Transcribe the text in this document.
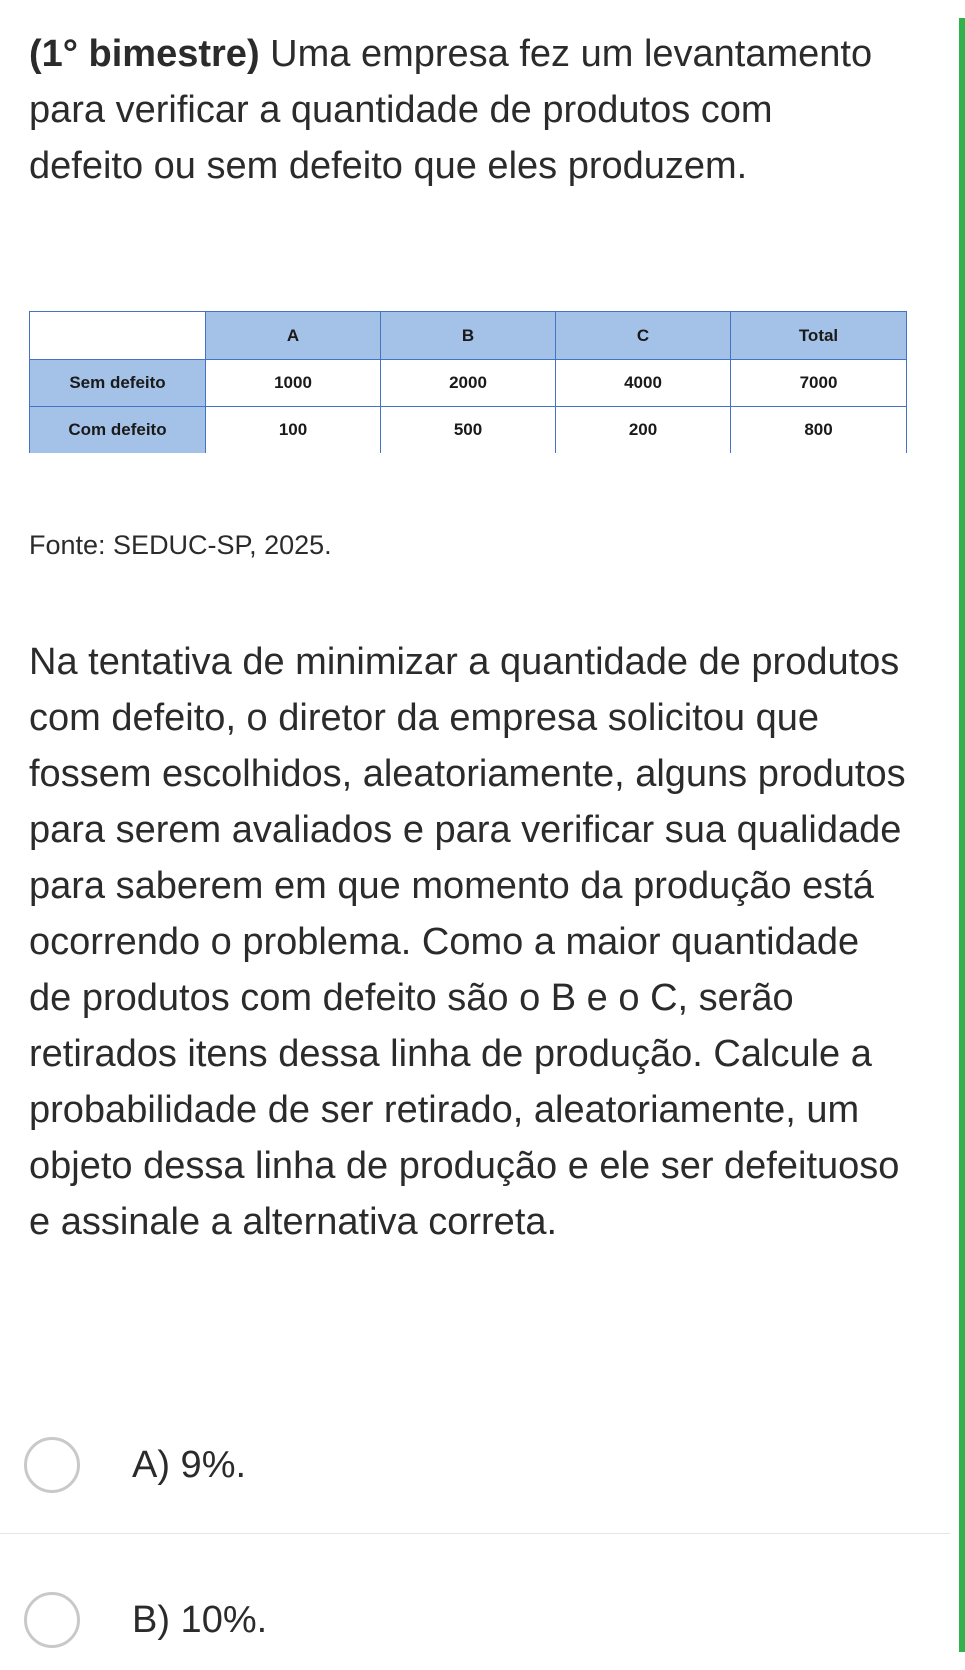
(1° bimestre) Uma empresa fez um levantamento para verificar a quantidade de produtos com defeito ou sem defeito que eles produzem.
	A	B	C	Total
Sem defeito	1000	2000	4000	7000
Com defeito	100	500	200	800
Fonte: SEDUC-SP, 2025.
Na tentativa de minimizar a quantidade de produtos com defeito, o diretor da empresa solicitou que fossem escolhidos, aleatoriamente, alguns produtos para serem avaliados e para verificar sua qualidade para saberem em que momento da produção está ocorrendo o problema. Como a maior quantidade de produtos com defeito são o B e o C, serão retirados itens dessa linha de produção. Calcule a probabilidade de ser retirado, aleatoriamente, um objeto dessa linha de produção e ele ser defeituoso e assinale a alternativa correta.
A) 9%.
B) 10%.
